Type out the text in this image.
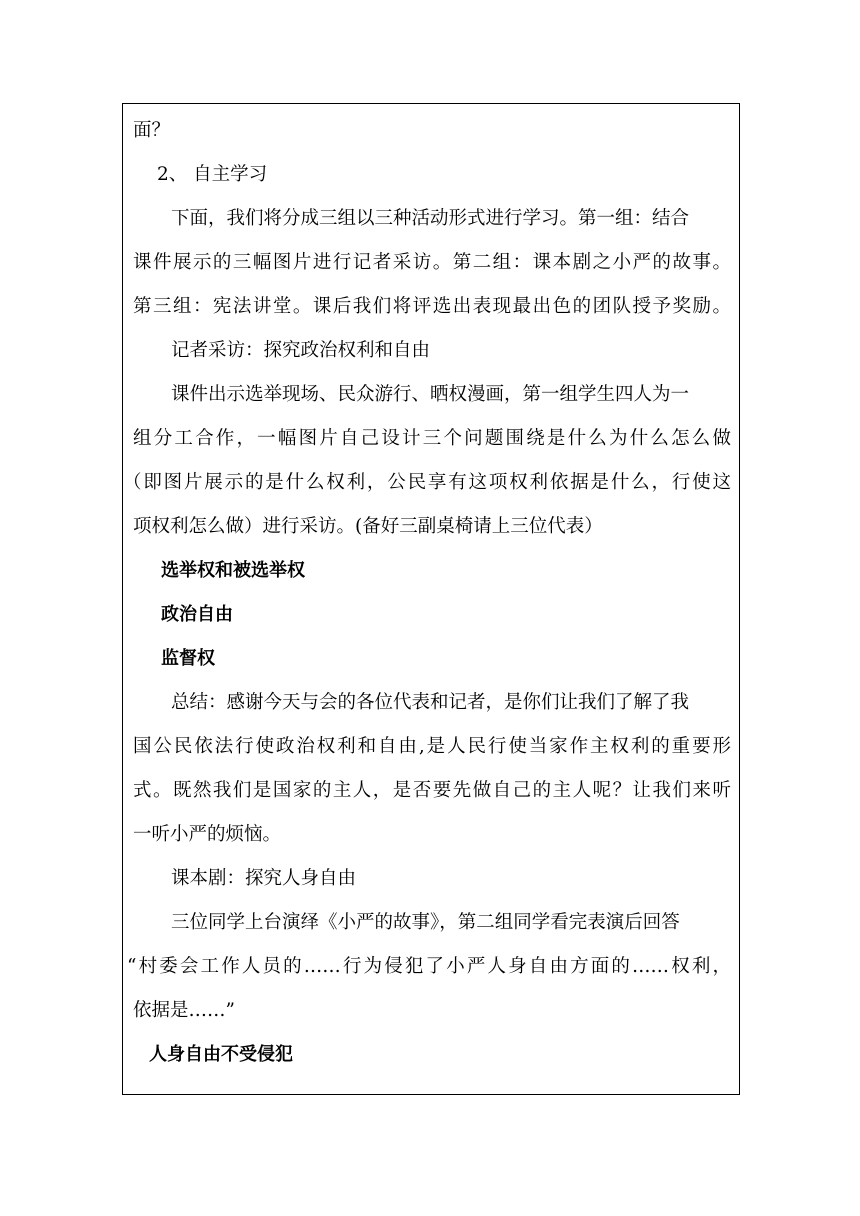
面？
2、 自主学习
下面，我们将分成三组以三种活动形式进行学习。第一组：结合
课件展示的三幅图片进行记者采访。第二组：课本剧之小严的故事。
第三组：宪法讲堂。课后我们将评选出表现最出色的团队授予奖励。
记者采访：探究政治权利和自由
课件出示选举现场、民众游行、晒权漫画，第一组学生四人为一
组分工合作，一幅图片自己设计三个问题围绕是什么为什么怎么做
（即图片展示的是什么权利，公民享有这项权利依据是什么，行使这
项权利怎么做）进行采访。(备好三副桌椅请上三位代表）
选举权和被选举权
政治自由
监督权
总结：感谢今天与会的各位代表和记者，是你们让我们了解了我
国公民依法行使政治权利和自由,是人民行使当家作主权利的重要形
式。既然我们是国家的主人，是否要先做自己的主人呢？让我们来听
一听小严的烦恼。
课本剧：探究人身自由
三位同学上台演绎《小严的故事》，第二组同学看完表演后回答
“村委会工作人员的……行为侵犯了小严人身自由方面的……权利，
依据是……”
人身自由不受侵犯
